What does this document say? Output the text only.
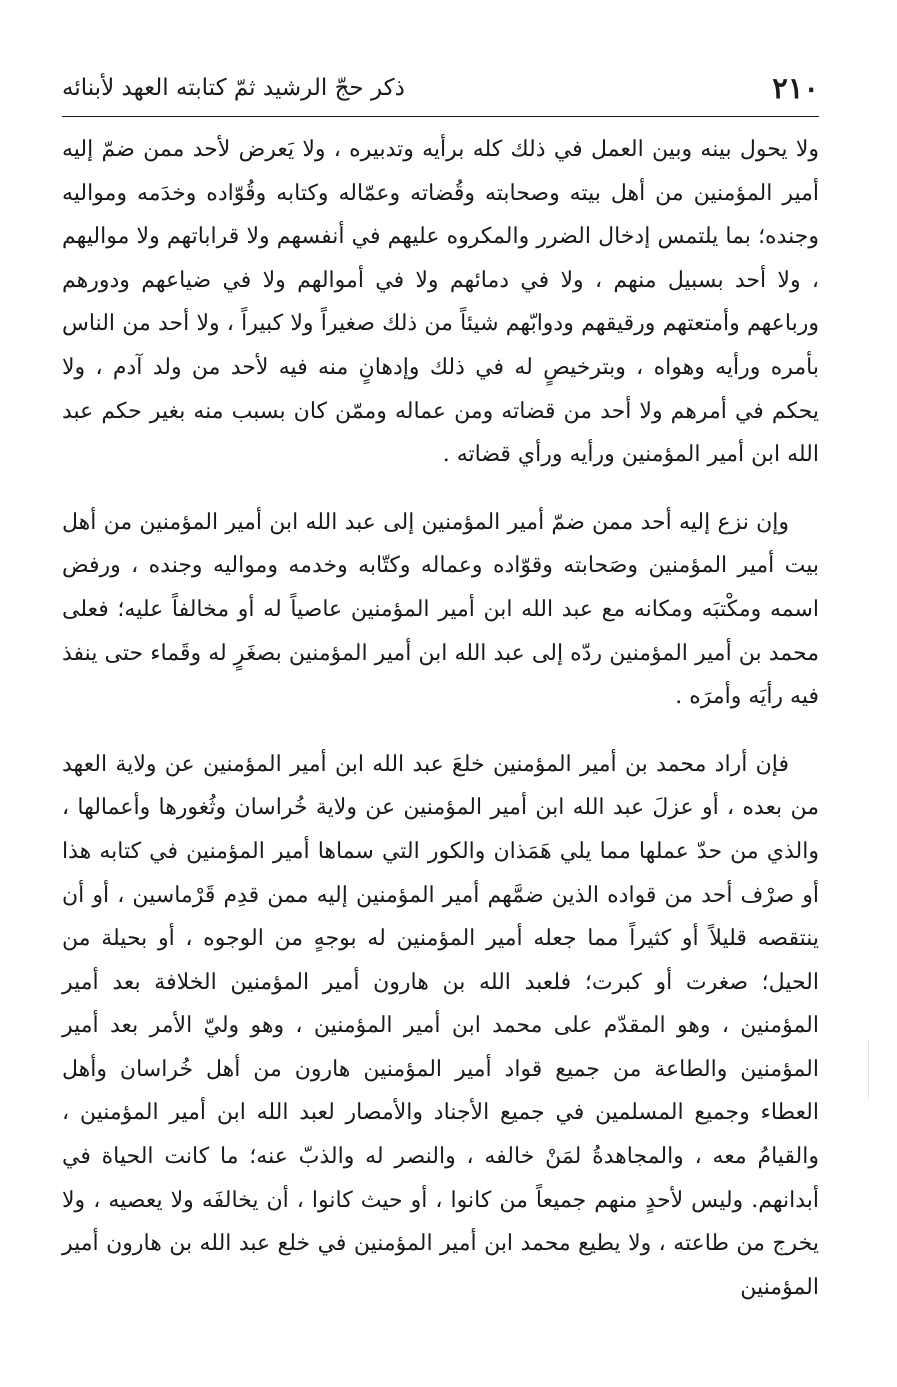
٢١٠
ذكر حجّ الرشيد ثمّ كتابته العهد لأبنائه

ولا يحول بينه وبين العمل في ذلك كله برأيه وتدبيره ، ولا يَعرض لأحد ممن ضمّ إليه أمير المؤمنين من أهل بيته وصحابته وقُضاته وعمّاله وكتابه وقُوّاده وخدَمه ومواليه وجنده؛ بما يلتمس إدخال الضرر والمكروه عليهم في أنفسهم ولا قراباتهم ولا مواليهم ، ولا أحد بسبيل منهم ، ولا في دمائهم ولا في أموالهم ولا في ضياعهم ودورهم ورباعهم وأمتعتهم ورقيقهم ودوابّهم شيئاً من ذلك صغيراً ولا كبيراً ، ولا أحد من الناس بأمره ورأيه وهواه ، وبترخيصٍ له في ذلك وإدهانٍ منه فيه لأحد من ولد آدم ، ولا يحكم في أمرهم ولا أحد من قضاته ومن عماله وممّن كان بسبب منه بغير حكم عبد الله ابن أمير المؤمنين ورأيه ورأي قضاته .

وإن نزع إليه أحد ممن ضمّ أمير المؤمنين إلى عبد الله ابن أمير المؤمنين من أهل بيت أمير المؤمنين وصَحابته وقوّاده وعماله وكتّابه وخدمه ومواليه وجنده ، ورفض اسمه ومكْتبَه ومكانه مع عبد الله ابن أمير المؤمنين عاصياً له أو مخالفاً عليه؛ فعلى محمد بن أمير المؤمنين ردّه إلى عبد الله ابن أمير المؤمنين بصغَرٍ له وقَماء حتى ينفذ فيه رأيَه وأمرَه .

فإن أراد محمد بن أمير المؤمنين خلعَ عبد الله ابن أمير المؤمنين عن ولاية العهد من بعده ، أو عزلَ عبد الله ابن أمير المؤمنين عن ولاية خُراسان وثُغورها وأعمالها ، والذي من حدّ عملها مما يلي هَمَذان والكور التي سماها أمير المؤمنين في كتابه هذا أو صرْف أحد من قواده الذين ضمَّهم أمير المؤمنين إليه ممن قدِم قَرْماسين ، أو أن ينتقصه قليلاً أو كثيراً مما جعله أمير المؤمنين له بوجهٍ من الوجوه ، أو بحيلة من الحيل؛ صغرت أو كبرت؛ فلعبد الله بن هارون أمير المؤمنين الخلافة بعد أمير المؤمنين ، وهو المقدّم على محمد ابن أمير المؤمنين ، وهو وليّ الأمر بعد أمير المؤمنين والطاعة من جميع قواد أمير المؤمنين هارون من أهل خُراسان وأهل العطاء وجميع المسلمين في جميع الأجناد والأمصار لعبد الله ابن أمير المؤمنين ، والقيامُ معه ، والمجاهدةُ لمَنْ خالفه ، والنصر له والذبّ عنه؛ ما كانت الحياة في أبدانهم. وليس لأحدٍ منهم جميعاً من كانوا ، أو حيث كانوا ، أن يخالفَه ولا يعصيه ، ولا يخرج من طاعته ، ولا يطيع محمد ابن أمير المؤمنين في خلع عبد الله بن هارون أمير المؤمنين
